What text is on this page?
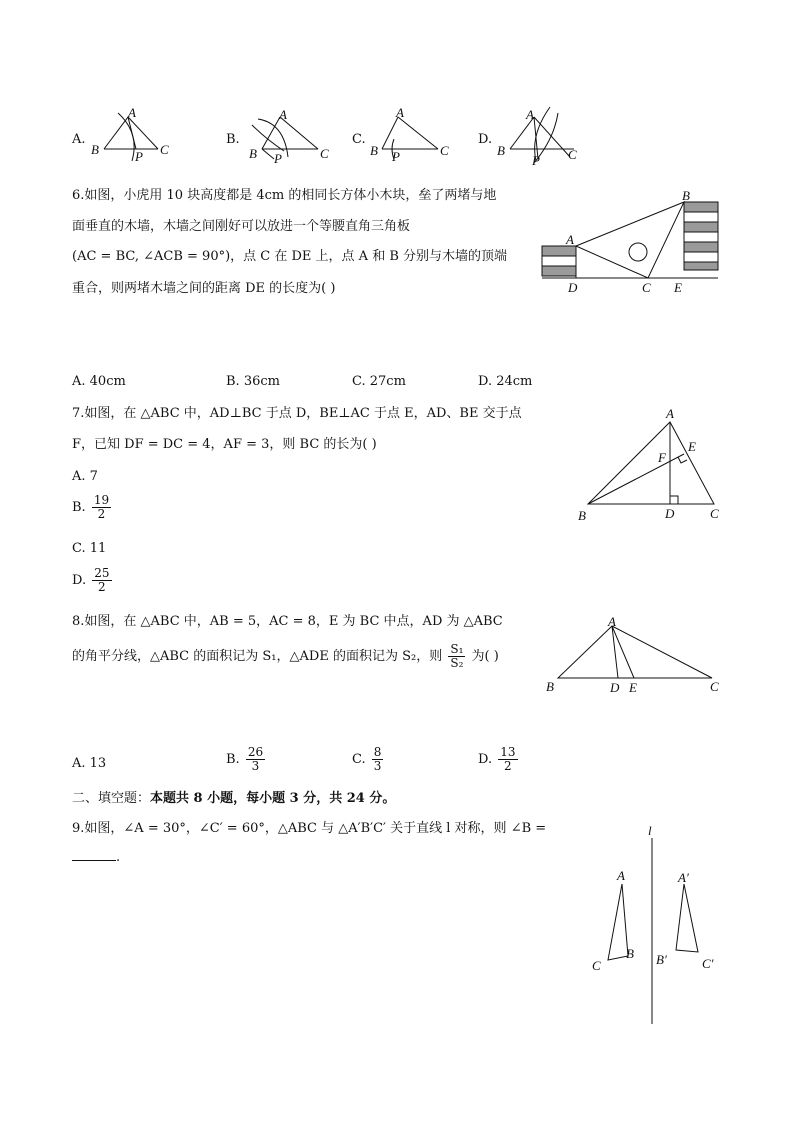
A.
A
B	C
P
B.
A
B	C
P
C.
A
B	C
P
D.
A
B	C
P
6.如图，小虎用 10 块高度都是 4cm 的相同长方体小木块，垒了两堵与地
面垂直的木墙，木墙之间刚好可以放进一个等腰直角三角板
(AC = BC, ∠ACB = 90°)，点 C 在 DE 上，点 A 和 B 分别与木墙的顶端
重合，则两堵木墙之间的距离 DE 的长度为( )
A
B
C
D	E
A. 40cm	B. 36cm	C. 27cm	D. 24cm
7.如图，在 △ABC 中，AD⊥BC 于点 D，BE⊥AC 于点 E，AD、BE 交于点
F，已知 DF = DC = 4，AF = 3，则 BC 的长为( )
A. 7
B. $\frac{19}{2}$
C. 11
D. $\frac{25}{2}$
A
B	C
D
E
F
8.如图，在 △ABC 中，AB = 5，AC = 8，E 为 BC 中点，AD 为 △ABC
的角平分线，△ABC 的面积记为 S₁，△ADE 的面积记为 S₂，则 $\frac{\text{S₁}}{\text{S₂}}$ 为( )
A
B	C
D E
A. 13	B. $\frac{26}{3}$	C. $\frac{8}{3}$	D. $\frac{13}{2}$
二、填空题：本题共 8 小题，每小题 3 分，共 24 分。
9.如图，∠A = 30°，∠C′ = 60°，△ABC 与 △A′B′C′ 关于直线 l 对称，则 ∠B =
.
l
A
B
C
A′
B′	C′
